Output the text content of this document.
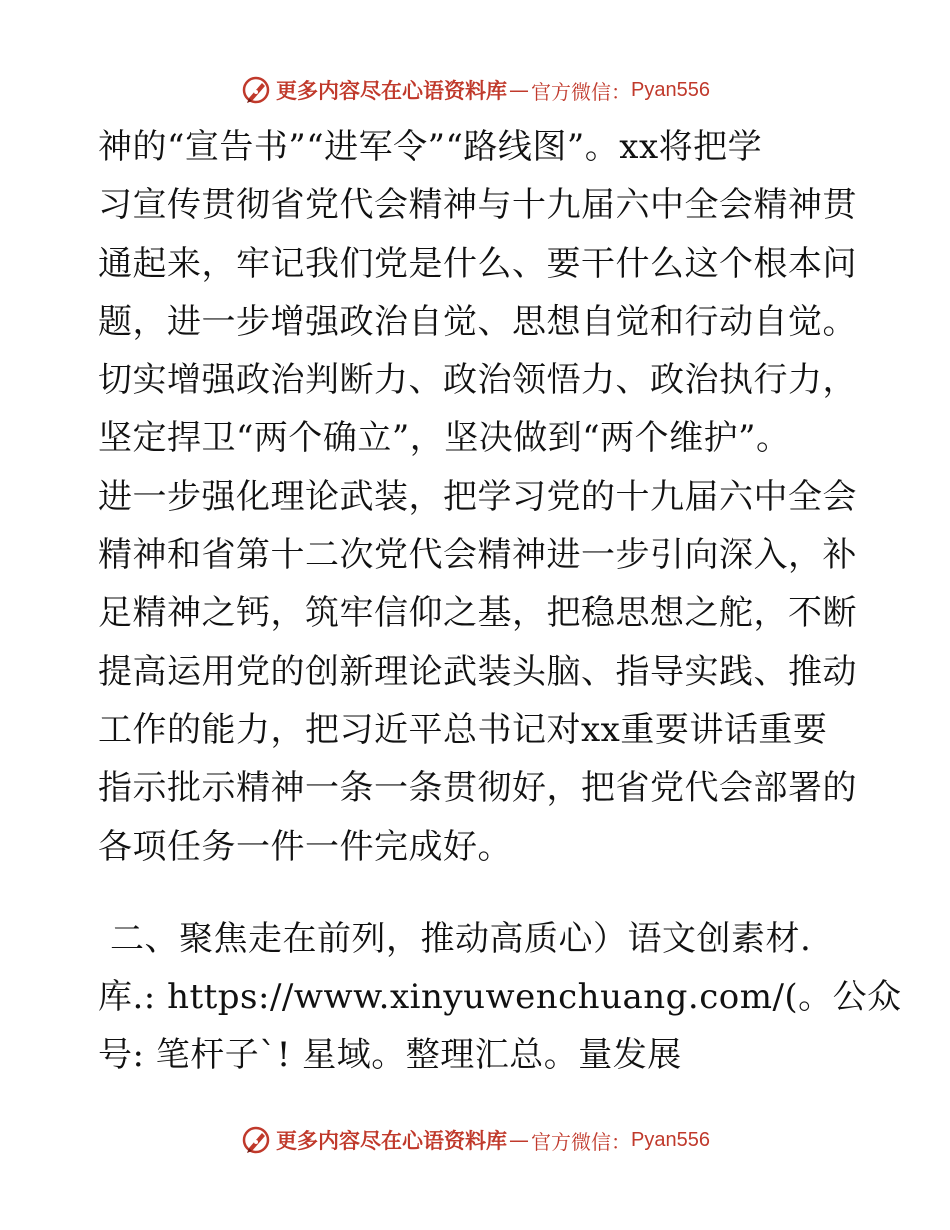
更多内容尽在心语资料库 — 官方微信： Pyan556
神的“宣告书”“进军令”“路线图”。xx将把学
习宣传贯彻省党代会精神与十九届六中全会精神贯
通起来，牢记我们党是什么、要干什么这个根本问
题，进一步增强政治自觉、思想自觉和行动自觉。
切实增强政治判断力、政治领悟力、政治执行力，
坚定捍卫“两个确立”，坚决做到“两个维护”。
进一步强化理论武装，把学习党的十九届六中全会
精神和省第十二次党代会精神进一步引向深入，补
足精神之钙，筑牢信仰之基，把稳思想之舵，不断
提高运用党的创新理论武装头脑、指导实践、推动
工作的能力，把习近平总书记对xx重要讲话重要
指示批示精神一条一条贯彻好，把省党代会部署的
各项任务一件一件完成好。
二、聚焦走在前列，推动高质心）语文创素材.
库.: https://www.xinyuwenchuang.com/(。公众
号: 笔杆子`! 星域。整理汇总。量发展
更多内容尽在心语资料库 — 官方微信： Pyan556
